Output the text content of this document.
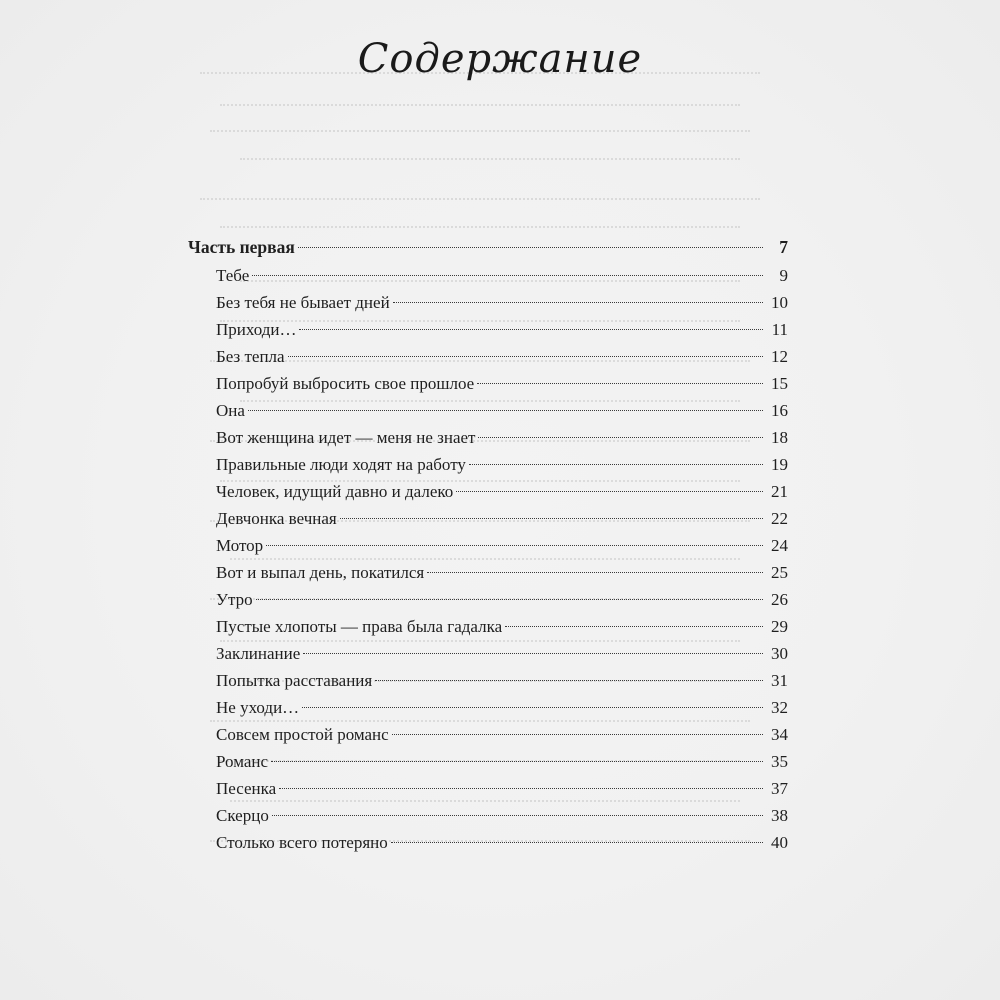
Содержание
Часть первая	7
Тебе	9
Без тебя не бывает дней	10
Приходи…	11
Без тепла	12
Попробуй выбросить свое прошлое	15
Она	16
Вот женщина идет — меня не знает	18
Правильные люди ходят на работу	19
Человек, идущий давно и далеко	21
Девчонка вечная	22
Мотор	24
Вот и выпал день, покатился	25
Утро	26
Пустые хлопоты — права была гадалка	29
Заклинание	30
Попытка расставания	31
Не уходи…	32
Совсем простой романс	34
Романс	35
Песенка	37
Скерцо	38
Столько всего потеряно	40
